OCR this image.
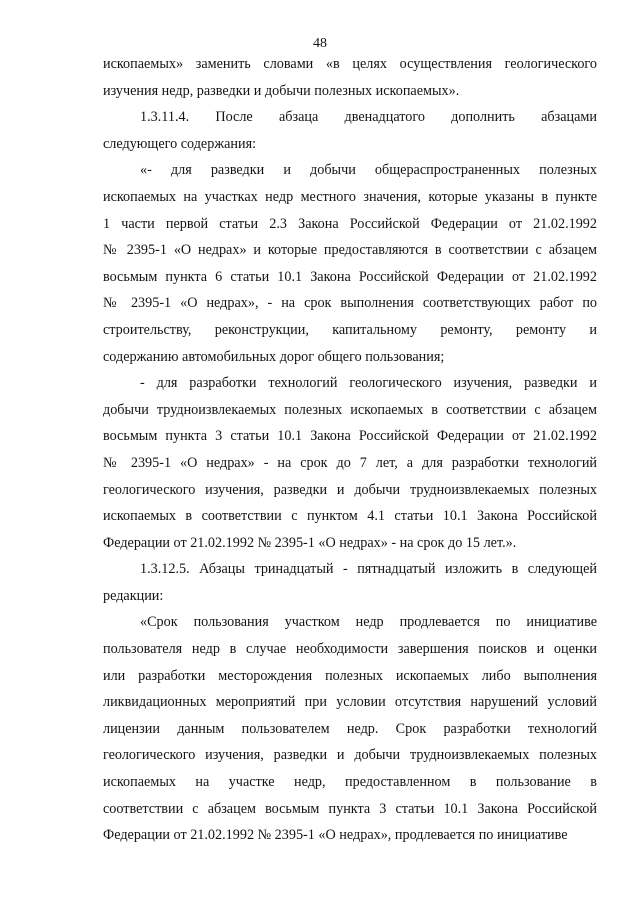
48
ископаемых» заменить словами «в целях осуществления геологического
изучения недр, разведки и добычи полезных ископаемых».
1.3.11.4. После абзаца двенадцатого дополнить абзацами
следующего содержания:
«- для разведки и добычи общераспространенных полезных
ископаемых на участках недр местного значения, которые указаны в пункте
1 части первой статьи 2.3 Закона Российской Федерации от 21.02.1992
№ 2395-1 «О недрах» и которые предоставляются в соответствии с абзацем
восьмым пункта 6 статьи 10.1 Закона Российской Федерации от 21.02.1992
№ 2395-1 «О недрах», - на срок выполнения соответствующих работ по
строительству, реконструкции, капитальному ремонту, ремонту и
содержанию автомобильных дорог общего пользования;
- для разработки технологий геологического изучения, разведки и
добычи трудноизвлекаемых полезных ископаемых в соответствии с абзацем
восьмым пункта 3 статьи 10.1 Закона Российской Федерации от 21.02.1992
№ 2395-1 «О недрах» - на срок до 7 лет, а для разработки технологий
геологического изучения, разведки и добычи трудноизвлекаемых полезных
ископаемых в соответствии с пунктом 4.1 статьи 10.1 Закона Российской
Федерации от 21.02.1992 № 2395-1 «О недрах» - на срок до 15 лет.».
1.3.12.5. Абзацы тринадцатый - пятнадцатый изложить в следующей
редакции:
«Срок пользования участком недр продлевается по инициативе
пользователя недр в случае необходимости завершения поисков и оценки
или разработки месторождения полезных ископаемых либо выполнения
ликвидационных мероприятий при условии отсутствия нарушений условий
лицензии данным пользователем недр. Срок разработки технологий
геологического изучения, разведки и добычи трудноизвлекаемых полезных
ископаемых на участке недр, предоставленном в пользование в
соответствии с абзацем восьмым пункта 3 статьи 10.1 Закона Российской
Федерации от 21.02.1992 № 2395-1 «О недрах», продлевается по инициативе
